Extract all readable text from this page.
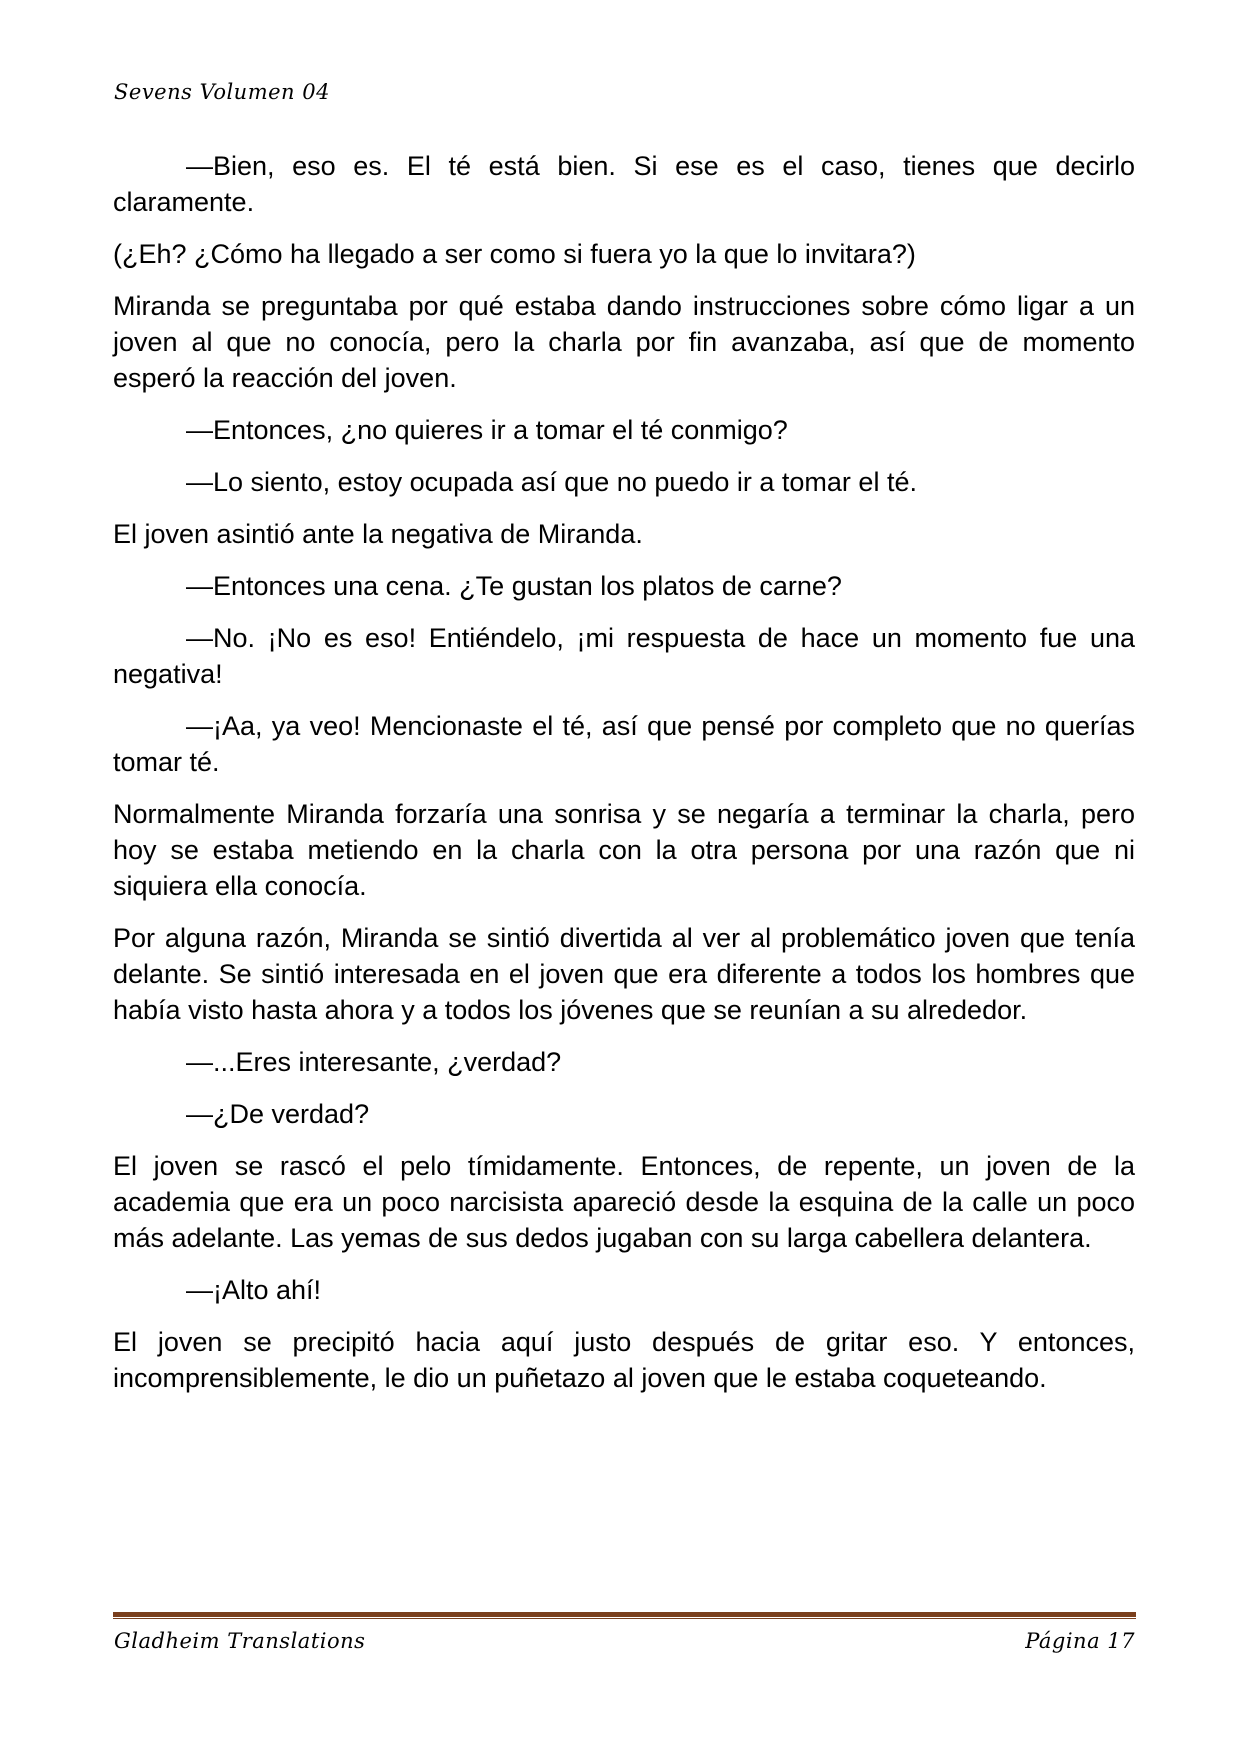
Sevens Volumen 04

—Bien, eso es. El té está bien. Si ese es el caso, tienes que decirlo claramente.

(¿Eh? ¿Cómo ha llegado a ser como si fuera yo la que lo invitara?)

Miranda se preguntaba por qué estaba dando instrucciones sobre cómo ligar a un joven al que no conocía, pero la charla por fin avanzaba, así que de momento esperó la reacción del joven.

—Entonces, ¿no quieres ir a tomar el té conmigo?

—Lo siento, estoy ocupada así que no puedo ir a tomar el té.

El joven asintió ante la negativa de Miranda.

—Entonces una cena. ¿Te gustan los platos de carne?

—No. ¡No es eso! Entiéndelo, ¡mi respuesta de hace un momento fue una negativa!

—¡Aa, ya veo! Mencionaste el té, así que pensé por completo que no querías tomar té.

Normalmente Miranda forzaría una sonrisa y se negaría a terminar la charla, pero hoy se estaba metiendo en la charla con la otra persona por una razón que ni siquiera ella conocía.

Por alguna razón, Miranda se sintió divertida al ver al problemático joven que tenía delante. Se sintió interesada en el joven que era diferente a todos los hombres que había visto hasta ahora y a todos los jóvenes que se reunían a su alrededor.

—...Eres interesante, ¿verdad?

—¿De verdad?

El joven se rascó el pelo tímidamente. Entonces, de repente, un joven de la academia que era un poco narcisista apareció desde la esquina de la calle un poco más adelante. Las yemas de sus dedos jugaban con su larga cabellera delantera.

—¡Alto ahí!

El joven se precipitó hacia aquí justo después de gritar eso. Y entonces, incomprensiblemente, le dio un puñetazo al joven que le estaba coqueteando.

Gladheim Translations	Página 17
